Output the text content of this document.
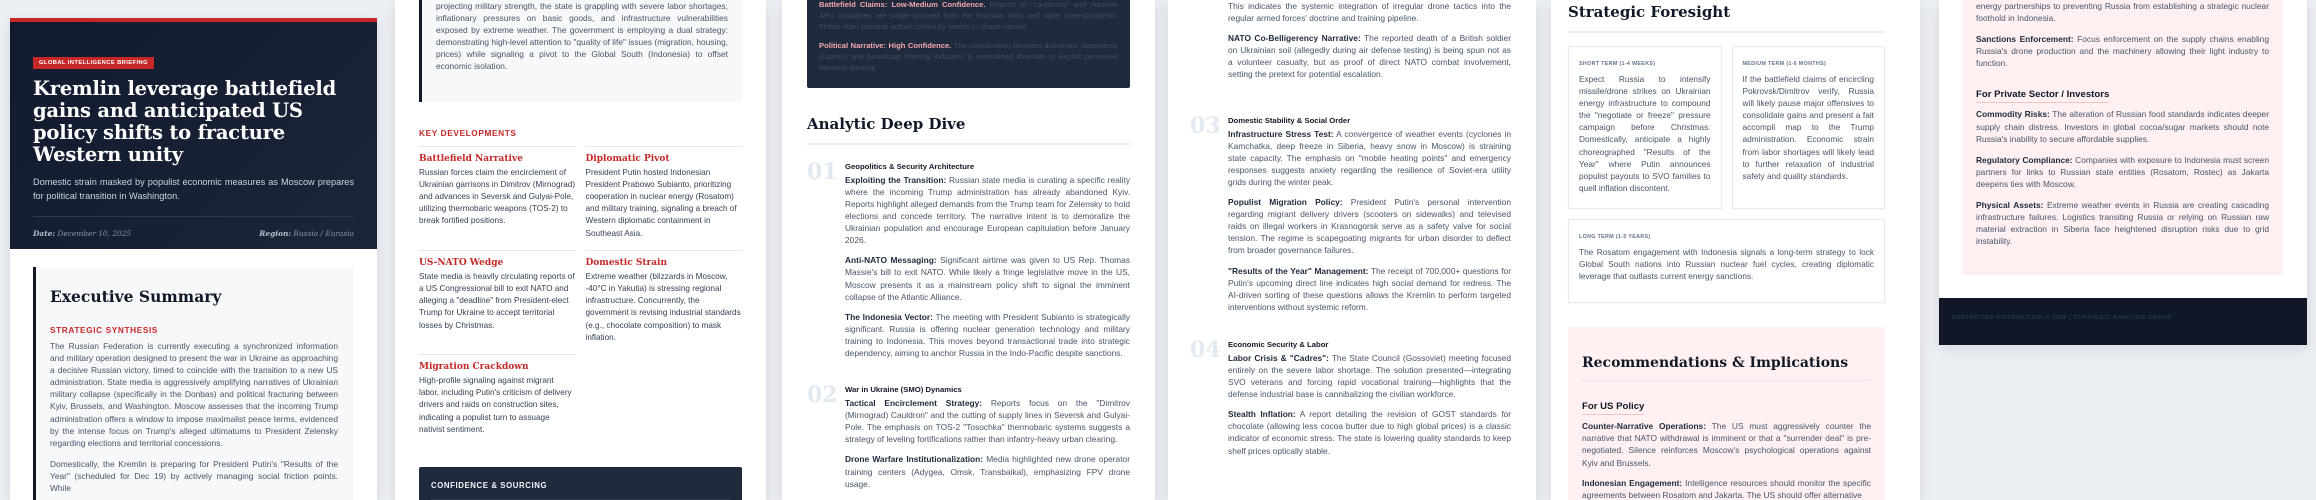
GLOBAL INTELLIGENCE BRIEFING
Kremlin leverage battlefield gains and anticipated US policy shifts to fracture Western unity

Domestic strain masked by populist economic measures as Moscow prepares for political transition in Washington.

Date: December 10, 2025	Region: Russia / Eurasia
Executive Summary
STRATEGIC SYNTHESIS

The Russian Federation is currently executing a synchronized information and military operation designed to present the war in Ukraine as approaching a decisive Russian victory, timed to coincide with the transition to a new US administration. State media is aggressively amplifying narratives of Ukrainian military collapse (specifically in the Donbas) and political fracturing between Kyiv, Brussels, and Washington. Moscow assesses that the incoming Trump administration offers a window to impose maximalist peace terms, evidenced by the intense focus on Trump's alleged ultimatums to President Zelensky regarding elections and territorial concessions.

Domestically, the Kremlin is preparing for President Putin's "Results of the Year" (scheduled for Dec 19) by actively managing social friction points. While

projecting military strength, the state is grappling with severe labor shortages, inflationary pressures on basic goods, and infrastructure vulnerabilities exposed by extreme weather. The government is employing a dual strategy: demonstrating high-level attention to "quality of life" issues (migration, housing, prices) while signaling a pivot to the Global South (Indonesia) to offset economic isolation.

KEY DEVELOPMENTS
Battlefield Narrative

Russian forces claim the encirclement of Ukrainian garrisons in Dimitrov (Mirnograd) and advances in Seversk and Gulyai-Pole, utilizing thermobaric weapons (TOS-2) to break fortified positions.

Diplomatic Pivot

President Putin hosted Indonesian President Prabowo Subianto, prioritizing cooperation in nuclear energy (Rosatom) and military training, signaling a breach of Western diplomatic containment in Southeast Asia.

US-NATO Wedge

State media is heavily circulating reports of a US Congressional bill to exit NATO and alleging a "deadline" from President-elect Trump for Ukraine to accept territorial losses by Christmas.

Domestic Strain

Extreme weather (blizzards in Moscow, -40°C in Yakutia) is stressing regional infrastructure. Concurrently, the government is revising industrial standards (e.g., chocolate composition) to mask inflation.

Migration Crackdown

High-profile signaling against migrant labor, including Putin's criticism of delivery drivers and raids on construction sites, indicating a populist turn to assuage nativist sentiment.

CONFIDENCE & SOURCING

Battlefield Claims: Low-Medium Confidence. Reports of "cauldrons" and massive AFU casualties are single-sourced from the Russian MoD and state correspondents. These often precede actual control by weeks to shape morale.

Political Narrative: High Confidence. The coordination between diplomatic statements (Lavrov) and broadcast framing indicates a centralized directive to exploit perceived Western disunity.

Analytic Deep Dive
01 Geopolitics & Security Architecture

Exploiting the Transition: Russian state media is curating a specific reality where the incoming Trump administration has already abandoned Kyiv. Reports highlight alleged demands from the Trump team for Zelensky to hold elections and concede territory. The narrative intent is to demoralize the Ukrainian population and encourage European capitulation before January 2026.

Anti-NATO Messaging: Significant airtime was given to US Rep. Thomas Massie's bill to exit NATO. While likely a fringe legislative move in the US, Moscow presents it as a mainstream policy shift to signal the imminent collapse of the Atlantic Alliance.

The Indonesia Vector: The meeting with President Subianto is strategically significant. Russia is offering nuclear generation technology and military training to Indonesia. This moves beyond transactional trade into strategic dependency, aiming to anchor Russia in the Indo-Pacific despite sanctions.

02 War in Ukraine (SMO) Dynamics

Tactical Encirclement Strategy: Reports focus on the "Dimitrov (Mirnograd) Cauldron" and the cutting of supply lines in Seversk and Gulyai-Pole. The emphasis on TOS-2 "Tosochka" thermobaric systems suggests a strategy of leveling fortifications rather than infantry-heavy urban clearing.

Drone Warfare Institutionalization: Media highlighted new drone operator training centers (Adygea, Omsk, Transbaikal), emphasizing FPV drone usage.

This indicates the systemic integration of irregular drone tactics into the regular armed forces' doctrine and training pipeline.

NATO Co-Belligerency Narrative: The reported death of a British soldier on Ukrainian soil (allegedly during air defense testing) is being spun not as a volunteer casualty, but as proof of direct NATO combat involvement, setting the pretext for potential escalation.

03 Domestic Stability & Social Order

Infrastructure Stress Test: A convergence of weather events (cyclones in Kamchatka, deep freeze in Siberia, heavy snow in Moscow) is straining state capacity. The emphasis on "mobile heating points" and emergency responses suggests anxiety regarding the resilience of Soviet-era utility grids during the winter peak.

Populist Migration Policy: President Putin's personal intervention regarding migrant delivery drivers (scooters on sidewalks) and televised raids on illegal workers in Krasnogorsk serve as a safety valve for social tension. The regime is scapegoating migrants for urban disorder to deflect from broader governance failures.

"Results of the Year" Management: The receipt of 700,000+ questions for Putin's upcoming direct line indicates high social demand for redress. The AI-driven sorting of these questions allows the Kremlin to perform targeted interventions without systemic reform.

04 Economic Security & Labor

Labor Crisis & "Cadres": The State Council (Gossoviet) meeting focused entirely on the severe labor shortage. The solution presented—integrating SVO veterans and forcing rapid vocational training—highlights that the defense industrial base is cannibalizing the civilian workforce.

Stealth Inflation: A report detailing the revision of GOST standards for chocolate (allowing less cocoa butter due to high global prices) is a classic indicator of economic stress. The state is lowering quality standards to keep shelf prices optically stable.

Strategic Foresight
SHORT TERM (1-4 WEEKS)

Expect Russia to intensify missile/drone strikes on Ukrainian energy infrastructure to compound the "negotiate or freeze" pressure campaign before Christmas. Domestically, anticipate a highly choreographed "Results of the Year" where Putin announces populist payouts to SVO families to quell inflation discontent.

MEDIUM TERM (1-6 MONTHS)

If the battlefield claims of encircling Pokrovsk/Dimitrov verify, Russia will likely pause major offensives to consolidate gains and present a fait accompli map to the Trump administration. Economic strain from labor shortages will likely lead to further relaxation of industrial safety and quality standards.

LONG TERM (1-5 YEARS)

The Rosatom engagement with Indonesia signals a long-term strategy to lock Global South nations into Russian nuclear fuel cycles, creating diplomatic leverage that outlasts current energy sanctions.

Recommendations & Implications
For US Policy

Counter-Narrative Operations: The US must aggressively counter the narrative that NATO withdrawal is imminent or that a "surrender deal" is pre-negotiated. Silence reinforces Moscow's psychological operations against Kyiv and Brussels.

Indonesian Engagement: Intelligence resources should monitor the specific agreements between Rosatom and Jakarta. The US should offer alternative

energy partnerships to preventing Russia from establishing a strategic nuclear foothold in Indonesia.

Sanctions Enforcement: Focus enforcement on the supply chains enabling Russia's drone production and the machinery allowing their light industry to function.

For Private Sector / Investors

Commodity Risks: The alteration of Russian food standards indicates deeper supply chain distress. Investors in global cocoa/sugar markets should note Russia's inability to secure affordable supplies.

Regulatory Compliance: Companies with exposure to Indonesia must screen partners for links to Russian state entities (Rosatom, Rostec) as Jakarta deepens ties with Moscow.

Physical Assets: Extreme weather events in Russia are creating cascading infrastructure failures. Logistics transiting Russia or relying on Russian raw material extraction in Siberia face heightened disruption risks due to grid instability.

RESTRICTED DISTRIBUTION © 2025 | STRATEGIC ANALYSIS GROUP
